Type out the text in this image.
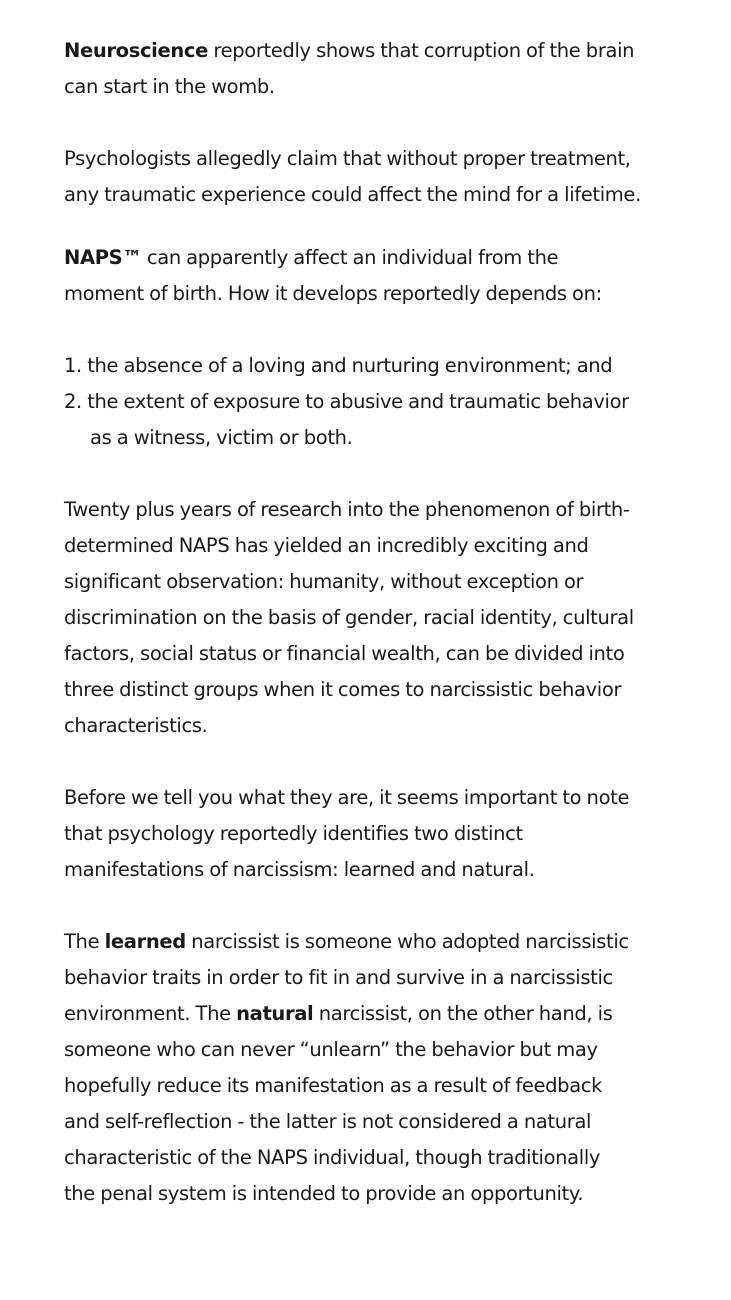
Neuroscience reportedly shows that corruption of the brain
can start in the womb.
Psychologists allegedly claim that without proper treatment,
any traumatic experience could affect the mind for a lifetime.
NAPS™ can apparently affect an individual from the
moment of birth. How it develops reportedly depends on:
1. the absence of a loving and nurturing environment; and
2. the extent of exposure to abusive and traumatic behavior
as a witness, victim or both.
Twenty plus years of research into the phenomenon of birth-
determined NAPS has yielded an incredibly exciting and
significant observation: humanity, without exception or
discrimination on the basis of gender, racial identity, cultural
factors, social status or financial wealth, can be divided into
three distinct groups when it comes to narcissistic behavior
characteristics.
Before we tell you what they are, it seems important to note
that psychology reportedly identifies two distinct
manifestations of narcissism: learned and natural.
The learned narcissist is someone who adopted narcissistic
behavior traits in order to fit in and survive in a narcissistic
environment. The natural narcissist, on the other hand, is
someone who can never “unlearn” the behavior but may
hopefully reduce its manifestation as a result of feedback
and self-reflection - the latter is not considered a natural
characteristic of the NAPS individual, though traditionally
the penal system is intended to provide an opportunity.
